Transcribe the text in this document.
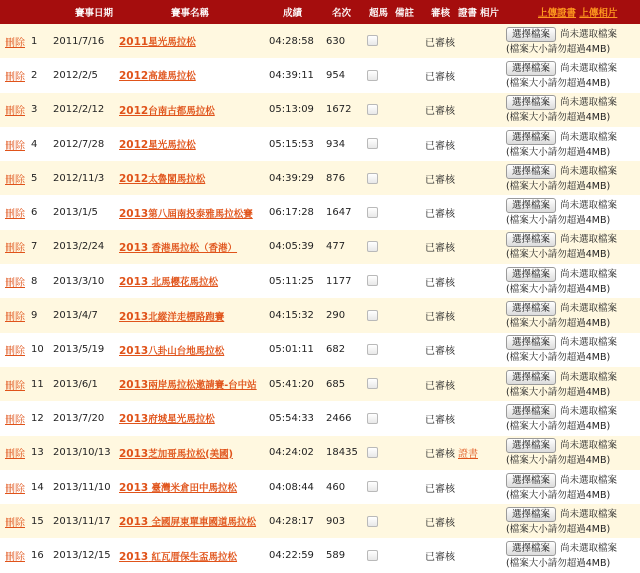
		賽事日期	賽事名稱	成績	名次	超馬	備註	審核	證書	相片	上傳證書 上傳相片
刪除	1	2011/7/16	2011星光馬拉松	04:28:58	630			已審核			選擇檔案 尚未選取檔案
(檔案大小請勿超過4MB)

刪除	2	2012/2/5	2012高雄馬拉松	04:39:11	954			已審核			選擇檔案 尚未選取檔案
(檔案大小請勿超過4MB)

刪除	3	2012/2/12	2012台南古都馬拉松	05:13:09	1672			已審核			選擇檔案 尚未選取檔案
(檔案大小請勿超過4MB)

刪除	4	2012/7/28	2012星光馬拉松	05:15:53	934			已審核			選擇檔案 尚未選取檔案
(檔案大小請勿超過4MB)

刪除	5	2012/11/3	2012太魯閣馬拉松	04:39:29	876			已審核			選擇檔案 尚未選取檔案
(檔案大小請勿超過4MB)

刪除	6	2013/1/5	2013第八屆南投泰雅馬拉松賽	06:17:28	1647			已審核			選擇檔案 尚未選取檔案
(檔案大小請勿超過4MB)

刪除	7	2013/2/24	2013 香港馬拉松（香港）	04:05:39	477			已審核			選擇檔案 尚未選取檔案
(檔案大小請勿超過4MB)

刪除	8	2013/3/10	2013 北馬櫻花馬拉松	05:11:25	1177			已審核			選擇檔案 尚未選取檔案
(檔案大小請勿超過4MB)

刪除	9	2013/4/7	2013北縱洋走標路跑賽	04:15:32	290			已審核			選擇檔案 尚未選取檔案
(檔案大小請勿超過4MB)

刪除	10	2013/5/19	2013八卦山台地馬拉松	05:01:11	682			已審核			選擇檔案 尚未選取檔案
(檔案大小請勿超過4MB)

刪除	11	2013/6/1	2013兩岸馬拉松邀請賽-台中站	05:41:20	685			已審核			選擇檔案 尚未選取檔案
(檔案大小請勿超過4MB)

刪除	12	2013/7/20	2013府城星光馬拉松	05:54:33	2466			已審核			選擇檔案 尚未選取檔案
(檔案大小請勿超過4MB)

刪除	13	2013/10/13	2013芝加哥馬拉松(美國)	04:24:02	18435			已審核	證書		選擇檔案 尚未選取檔案
(檔案大小請勿超過4MB)

刪除	14	2013/11/10	2013 臺灣米倉田中馬拉松	04:08:44	460			已審核			選擇檔案 尚未選取檔案
(檔案大小請勿超過4MB)

刪除	15	2013/11/17	2013 全國屏東單車國道馬拉松	04:28:17	903			已審核			選擇檔案 尚未選取檔案
(檔案大小請勿超過4MB)

刪除	16	2013/12/15	2013 紅瓦厝保生盃馬拉松	04:22:59	589			已審核			選擇檔案 尚未選取檔案
(檔案大小請勿超過4MB)
